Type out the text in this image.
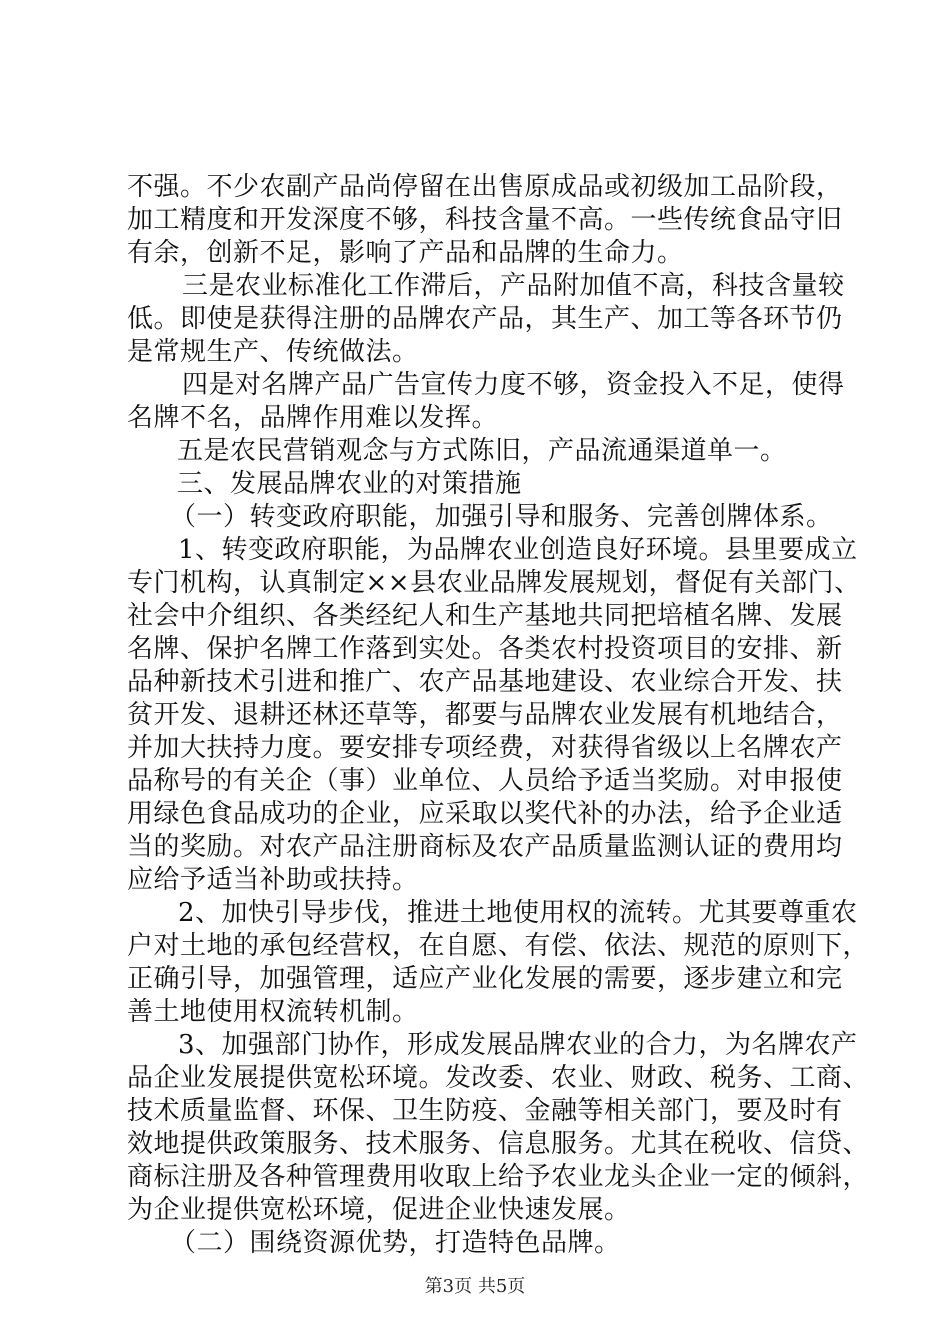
不强。不少农副产品尚停留在出售原成品或初级加工品阶段，
加工精度和开发深度不够，科技含量不高。一些传统食品守旧
有余，创新不足，影响了产品和品牌的生命力。
三是农业标准化工作滞后，产品附加值不高，科技含量较
低。即使是获得注册的品牌农产品，其生产、加工等各环节仍
是常规生产、传统做法。
四是对名牌产品广告宣传力度不够，资金投入不足，使得
名牌不名，品牌作用难以发挥。
五是农民营销观念与方式陈旧，产品流通渠道单一。
三、发展品牌农业的对策措施
（一）转变政府职能，加强引导和服务、完善创牌体系。
1、转变政府职能，为品牌农业创造良好环境。县里要成立
专门机构，认真制定××县农业品牌发展规划，督促有关部门、
社会中介组织、各类经纪人和生产基地共同把培植名牌、发展
名牌、保护名牌工作落到实处。各类农村投资项目的安排、新
品种新技术引进和推广、农产品基地建设、农业综合开发、扶
贫开发、退耕还林还草等，都要与品牌农业发展有机地结合，
并加大扶持力度。要安排专项经费，对获得省级以上名牌农产
品称号的有关企（事）业单位、人员给予适当奖励。对申报使
用绿色食品成功的企业，应采取以奖代补的办法，给予企业适
当的奖励。对农产品注册商标及农产品质量监测认证的费用均
应给予适当补助或扶持。
2、加快引导步伐，推进土地使用权的流转。尤其要尊重农
户对土地的承包经营权，在自愿、有偿、依法、规范的原则下，
正确引导，加强管理，适应产业化发展的需要，逐步建立和完
善土地使用权流转机制。
3、加强部门协作，形成发展品牌农业的合力，为名牌农产
品企业发展提供宽松环境。发改委、农业、财政、税务、工商、
技术质量监督、环保、卫生防疫、金融等相关部门，要及时有
效地提供政策服务、技术服务、信息服务。尤其在税收、信贷、
商标注册及各种管理费用收取上给予农业龙头企业一定的倾斜，
为企业提供宽松环境，促进企业快速发展。
（二）围绕资源优势，打造特色品牌。
第3页 共5页
